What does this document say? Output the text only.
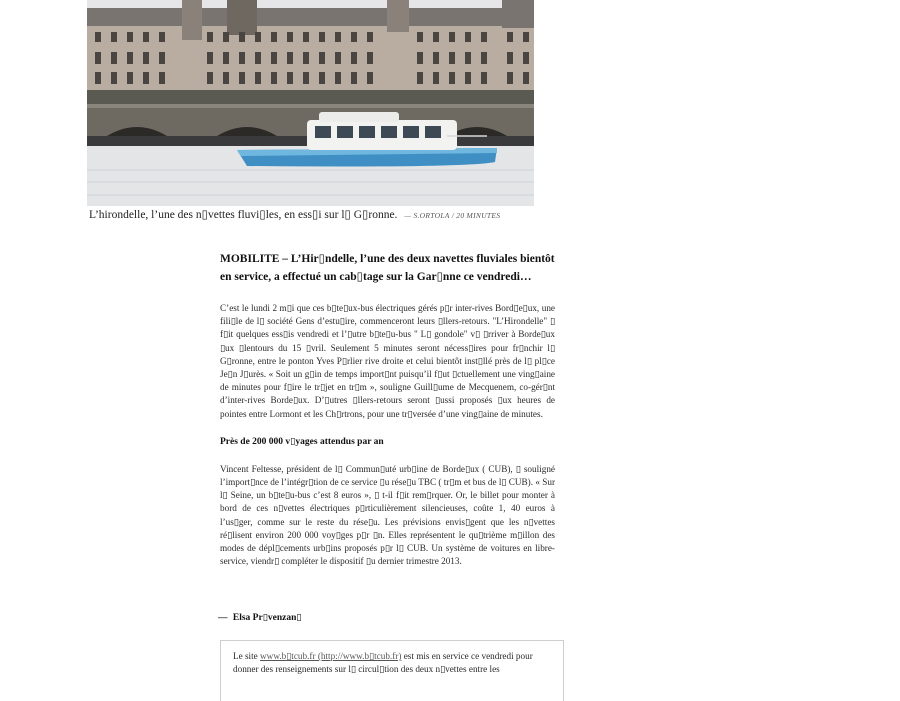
L’hirondelle, l’une des n▯vettes fluvi▯les, en ess▯i sur l▯ G▯ronne. — S.ORTOLA / 20 MINUTES

MOBILITE – L’Hir▯ndelle, l’une des deux navettes fluviales bientôt en service, a effectué un cab▯tage sur la Gar▯nne ce vendredi…

C’est le lundi 2 m▯i que ces b▯te▯ux-bus électriques gérés p▯r inter-rives Bord▯e▯ux, une fili▯le de l▯ société Gens d’estu▯ire, commenceront leurs ▯llers-retours. "L’Hirondelle" ▯ f▯it quelques ess▯is vendredi et l’▯utre b▯te▯u-bus " L▯ gondole" v▯ ▯rriver à Borde▯ux ▯ux ▯lentours du 15 ▯vril. Seulement 5 minutes seront nécess▯ires pour fr▯nchir l▯ G▯ronne, entre le ponton Yves P▯rlier rive droite et celui bientôt inst▯llé près de l▯ pl▯ce Je▯n J▯urès. « Soit un g▯in de temps import▯nt puisqu’il f▯ut ▯ctuellement une ving▯aine de minutes pour f▯ire le tr▯jet en tr▯m », souligne Guill▯ume de Mecquenem, co-gér▯nt d’inter-rives Borde▯ux. D’▯utres ▯llers-retours seront ▯ussi proposés ▯ux heures de pointes entre Lormont et les Ch▯rtrons, pour une tr▯versée d’une ving▯aine de minutes.

Près de 200 000 v▯yages attendus par an

Vincent Feltesse, président de l▯ Commun▯uté urb▯ine de Borde▯ux ( CUB), ▯ souligné l’import▯nce de l’intégr▯tion de ce service ▯u rése▯u TBC ( tr▯m et bus de l▯ CUB). « Sur l▯ Seine, un b▯te▯u-bus c’est 8 euros », ▯ t-il f▯it rem▯rquer. Or, le billet pour monter à bord de ces n▯vettes électriques p▯rticulièrement silencieuses, coûte 1, 40 euros à l’us▯ger, comme sur le reste du rése▯u. Les prévisions envis▯gent que les n▯vettes ré▯lisent environ 200 000 voy▯ges p▯r ▯n. Elles représentent le qu▯trième m▯illon des modes de dépl▯cements urb▯ins proposés p▯r l▯ CUB. Un système de voitures en libre-service, viendr▯ compléter le dispositif ▯u dernier trimestre 2013.

— Elsa Pr▯venzan▯
Le site www.b▯tcub.fr (http://www.b▯tcub.fr) est mis en service ce vendredi pour donner des renseignements sur l▯ circul▯tion des deux n▯vettes entre les
